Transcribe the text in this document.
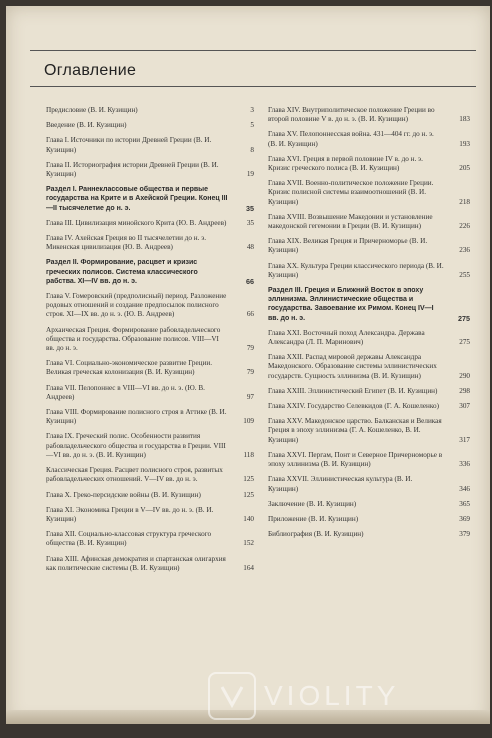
Оглавление
Предисловие (В. И. Кузищин)	3
Введение (В. И. Кузищин)	5
Глава I. Источники по истории Древней Греции (В. И. Кузищин)	8
Глава II. Историография истории Древней Греции (В. И. Кузищин)	19
Раздел I. Раннеклассовые общества и первые государства на Крите и в Ахейской Греции. Конец III—II тысячелетие до н. э.	35
Глава III. Цивилизация минойского Крита (Ю. В. Андреев)	35
Глава IV. Ахейская Греция во II тысячелетии до н. э. Микенская цивилизация (Ю. В. Андреев)	48
Раздел II. Формирование, расцвет и кризис греческих полисов. Система классического рабства. XI—IV вв. до н. э.	66
Глава V. Гомеровский (предполисный) период. Разложение родовых отношений и создание предпосылок полисного строя. XI—IX вв. до н. э. (Ю. В. Андреев)	66
Архаическая Греция. Формирование рабовладельческого общества и государства. Образование полисов. VIII—VI вв. до н. э.	79
Глава VI. Социально-экономическое развитие Греции. Великая греческая колонизация (В. И. Кузищин)	79
Глава VII. Пелопоннес в VIII—VI вв. до н. э. (Ю. В. Андреев)	97
Глава VIII. Формирование полисного строя в Аттике (В. И. Кузищин)	109
Глава IX. Греческий полис. Особенности развития рабовладельческого общества и государства в Греции. VIII—VI вв. до н. э. (В. И. Кузищин)	118
Классическая Греция. Расцвет полисного строя, развитых рабовладельческих отношений. V—IV вв. до н. э.	125
Глава X. Греко-персидские войны (В. И. Кузищин)	125
Глава XI. Экономика Греции в V—IV вв. до н. э. (В. И. Кузищин)	140
Глава XII. Социально-классовая структура греческого общества (В. И. Кузищин)	152
Глава XIII. Афинская демократия и спартанская олигархия как политические системы (В. И. Кузищин)	164
Глава XIV. Внутриполитическое положение Греции во второй половине V в. до н. э. (В. И. Кузищин)	183
Глава XV. Пелопоннесская война. 431—404 гг. до н. э. (В. И. Кузищин)	193
Глава XVI. Греция в первой половине IV в. до н. э. Кризис греческого полиса (В. И. Кузищин)	205
Глава XVII. Военно-политическое положение Греции. Кризис полисной системы взаимоотношений (В. И. Кузищин)	218
Глава XVIII. Возвышение Македонии и установление македонской гегемонии в Греции (В. И. Кузищин)	226
Глава XIX. Великая Греция и Причерноморье (В. И. Кузищин)	236
Глава XX. Культура Греции классического периода (В. И. Кузищин)	255
Раздел III. Греция и Ближний Восток в эпоху эллинизма. Эллинистические общества и государства. Завоевание их Римом. Конец IV—I вв. до н. э.	275
Глава XXI. Восточный поход Александра. Держава Александра (Л. П. Маринович)	275
Глава XXII. Распад мировой державы Александра Македонского. Образование системы эллинистических государств. Сущность эллинизма (В. И. Кузищин)	290
Глава XXIII. Эллинистический Египет (В. И. Кузищин)	298
Глава XXIV. Государство Селевкидов (Г. А. Кошеленко)	307
Глава XXV. Македонское царство. Балканская и Великая Греция в эпоху эллинизма (Г. А. Кошеленко, В. И. Кузищин)	317
Глава XXVI. Пергам, Понт и Северное Причерноморье в эпоху эллинизма (В. И. Кузищин)	336
Глава XXVII. Эллинистическая культура (В. И. Кузищин)	346
Заключение (В. И. Кузищин)	365
Приложение (В. И. Кузищин)	369
Библиография (В. И. Кузищин)	379
VIOLITY
